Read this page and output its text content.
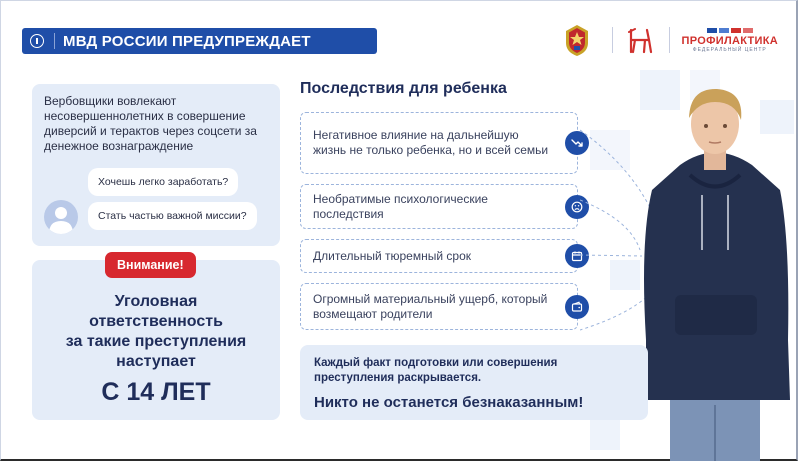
МВД РОССИИ ПРЕДУПРЕЖДАЕТ	ПРОФИЛАКТИКА
ФЕДЕРАЛЬНЫЙ ЦЕНТР
Вербовщики вовлекают несовершеннолетних в совершение диверсий и терактов через соцсети за денежное вознаграждение
Хочешь легко заработать?
Стать частью важной миссии?
Внимание!
Уголовная
ответственность
за такие преступления
наступает
С 14 ЛЕТ
Последствия для ребенка
Негативное влияние на дальнейшую жизнь не только ребенка, но и всей семьи
Необратимые психологические последствия
Длительный тюремный срок
Огромный материальный ущерб, который возмещают родители
Каждый факт подготовки или совершения преступления раскрывается.
Никто не останется безнаказанным!
